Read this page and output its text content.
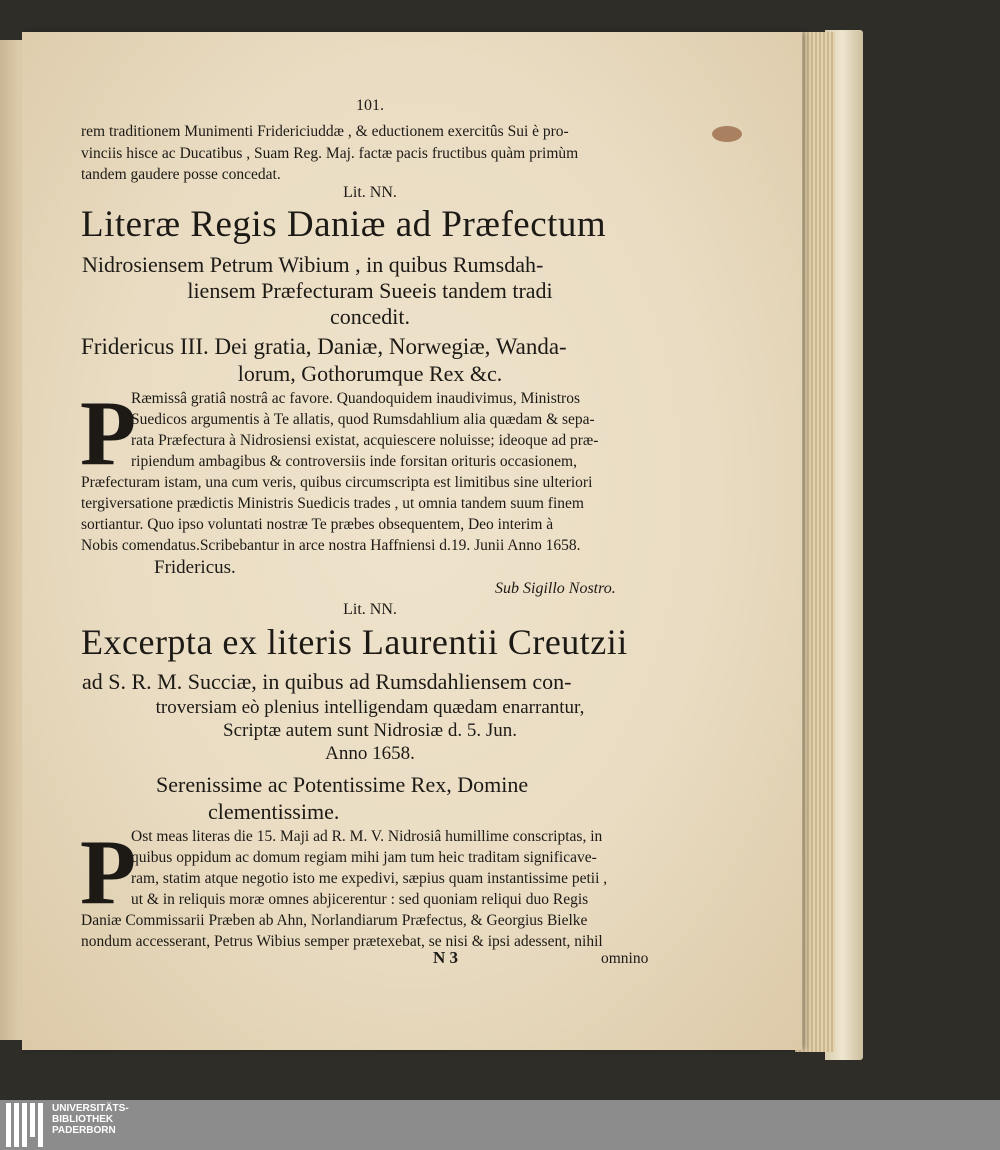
101.
rem traditionem Munimenti Fridericiuddæ , & eductionem exercitûs Sui è pro-
vinciis hisce ac Ducatibus , Suam Reg. Maj. factæ pacis fructibus quàm primùm
tandem gaudere posse concedat.
Lit. NN.
Literæ Regis Daniæ ad Præfectum
Nidrosiensem Petrum Wibium , in quibus Rumsdah-
liensem Præfecturam Sueeis tandem tradi
concedit.
Fridericus III. Dei gratia, Daniæ, Norwegiæ, Wanda-
lorum, Gothorumque Rex &c.
P
Ræmissâ gratiâ nostrâ ac favore. Quandoquidem inaudivimus, Ministros
Suedicos argumentis à Te allatis, quod Rumsdahlium alia quædam & sepa-
rata Præfectura à Nidrosiensi existat, acquiescere noluisse; ideoque ad præ-
ripiendum ambagibus & controversiis inde forsitan orituris occasionem,
Præfecturam istam, una cum veris, quibus circumscripta est limitibus sine ulteriori
tergiversatione prædictis Ministris Suedicis trades , ut omnia tandem suum finem
sortiantur. Quo ipso voluntati nostræ Te præbes obsequentem, Deo interim à
Nobis comendatus.Scribebantur in arce nostra Haffniensi d.19. Junii Anno 1658.
Fridericus.
Sub Sigillo Nostro.
Lit. NN.
Excerpta ex literis Laurentii Creutzii
ad S. R. M. Succiæ, in quibus ad Rumsdahliensem con-
troversiam eò plenius intelligendam quædam enarrantur,
Scriptæ autem sunt Nidrosiæ d. 5. Jun.
Anno 1658.
Serenissime ac Potentissime Rex, Domine
clementissime.
P
Ost meas literas die 15. Maji ad R. M. V. Nidrosiâ humillime conscriptas, in
quibus oppidum ac domum regiam mihi jam tum heic traditam significave-
ram, statim atque negotio isto me expedivi, sæpius quam instantissime petii ,
ut & in reliquis moræ omnes abjicerentur : sed quoniam reliqui duo Regis
Daniæ Commissarii Præben ab Ahn, Norlandiarum Præfectus, & Georgius Bielke
nondum accesserant, Petrus Wibius semper prætexebat, se nisi & ipsi adessent, nihil
N 3	omnino
UNIVERSITÄTS-
BIBLIOTHEK
PADERBORN
